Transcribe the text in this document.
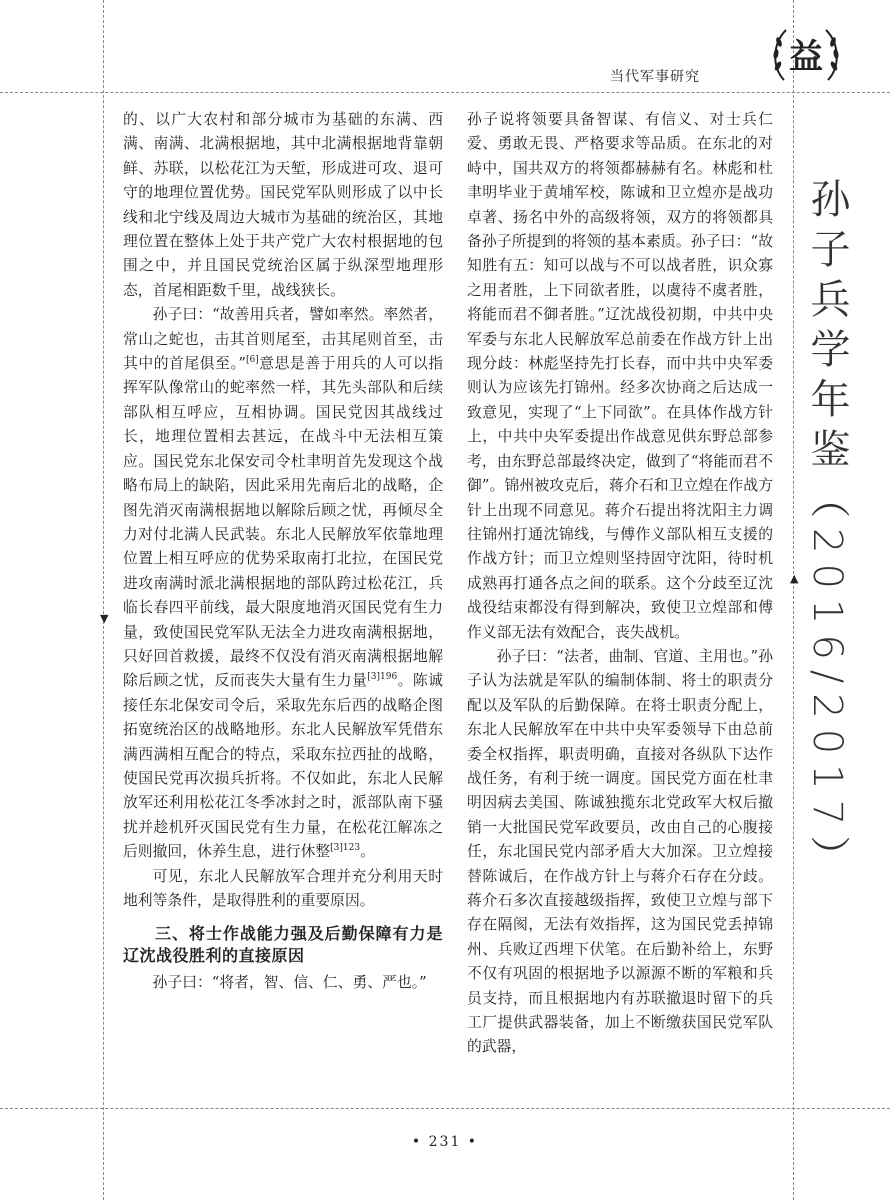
当代军事研究	益

的、以广大农村和部分城市为基础的东满、西满、南满、北满根据地，其中北满根据地背靠朝鲜、苏联，以松花江为天堑，形成进可攻、退可守的地理位置优势。国民党军队则形成了以中长线和北宁线及周边大城市为基础的统治区，其地理位置在整体上处于共产党广大农村根据地的包围之中，并且国民党统治区属于纵深型地理形态，首尾相距数千里，战线狭长。

孙子曰：“故善用兵者，譬如率然。率然者，常山之蛇也，击其首则尾至，击其尾则首至，击其中的首尾俱至。”[6]意思是善于用兵的人可以指挥军队像常山的蛇率然一样，其先头部队和后续部队相互呼应，互相协调。国民党因其战线过长，地理位置相去甚远，在战斗中无法相互策应。国民党东北保安司令杜聿明首先发现这个战略布局上的缺陷，因此采用先南后北的战略，企图先消灭南满根据地以解除后顾之忧，再倾尽全力对付北满人民武装。东北人民解放军依靠地理位置上相互呼应的优势采取南打北拉，在国民党进攻南满时派北满根据地的部队跨过松花江，兵临长春四平前线，最大限度地消灭国民党有生力量，致使国民党军队无法全力进攻南满根据地，只好回首救援，最终不仅没有消灭南满根据地解除后顾之忧，反而丧失大量有生力量$^{[3]196}$。陈诚接任东北保安司令后，采取先东后西的战略企图拓宽统治区的战略地形。东北人民解放军凭借东满西满相互配合的特点，采取东拉西扯的战略，使国民党再次损兵折将。不仅如此，东北人民解放军还利用松花江冬季冰封之时，派部队南下骚扰并趁机歼灭国民党有生力量，在松花江解冻之后则撤回，休养生息，进行休整$^{[3]123}$。

可见，东北人民解放军合理并充分利用天时地利等条件，是取得胜利的重要原因。

三、将士作战能力强及后勤保障有力是辽沈战役胜利的直接原因

孙子曰：“将者，智、信、仁、勇、严也。”

▼

孙子说将领要具备智谋、有信义、对士兵仁爱、勇敢无畏、严格要求等品质。在东北的对峙中，国共双方的将领都赫赫有名。林彪和杜聿明毕业于黄埔军校，陈诚和卫立煌亦是战功卓著、扬名中外的高级将领，双方的将领都具备孙子所提到的将领的基本素质。孙子曰：“故知胜有五：知可以战与不可以战者胜，识众寡之用者胜，上下同欲者胜，以虞待不虞者胜，将能而君不御者胜。”辽沈战役初期，中共中央军委与东北人民解放军总前委在作战方针上出现分歧：林彪坚持先打长春，而中共中央军委则认为应该先打锦州。经多次协商之后达成一致意见，实现了“上下同欲”。在具体作战方针上，中共中央军委提出作战意见供东野总部参考，由东野总部最终决定，做到了“将能而君不御”。锦州被攻克后，蒋介石和卫立煌在作战方针上出现不同意见。蒋介石提出将沈阳主力调往锦州打通沈锦线，与傅作义部队相互支援的作战方针；而卫立煌则坚持固守沈阳，待时机成熟再打通各点之间的联系。这个分歧至辽沈战役结束都没有得到解决，致使卫立煌部和傅作义部无法有效配合，丧失战机。

孙子曰：“法者，曲制、官道、主用也。”孙子认为法就是军队的编制体制、将士的职责分配以及军队的后勤保障。在将士职责分配上，东北人民解放军在中共中央军委领导下由总前委全权指挥，职责明确，直接对各纵队下达作战任务，有利于统一调度。国民党方面在杜聿明因病去美国、陈诚独揽东北党政军大权后撤销一大批国民党军政要员，改由自己的心腹接任，东北国民党内部矛盾大大加深。卫立煌接替陈诚后，在作战方针上与蒋介石存在分歧。蒋介石多次直接越级指挥，致使卫立煌与部下存在隔阂，无法有效指挥，这为国民党丢掉锦州、兵败辽西埋下伏笔。在后勤补给上，东野不仅有巩固的根据地予以源源不断的军粮和兵员支持，而且根据地内有苏联撤退时留下的兵工厂提供武器装备，加上不断缴获国民党军队的武器，

▲ 孙子兵学年鉴（2016/2017）
• 231 •
